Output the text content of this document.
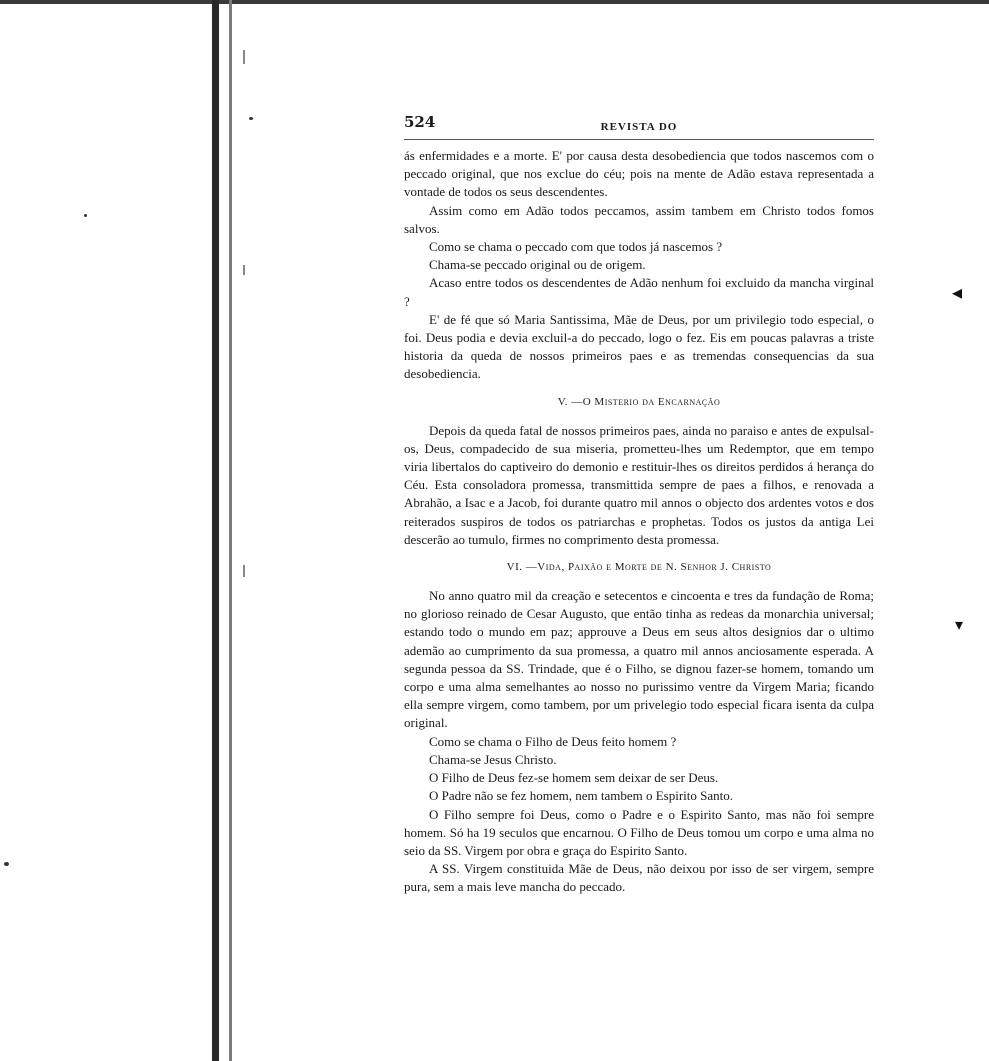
◂
▾
524	REVISTA DO

ás enfermidades e a morte. E' por causa desta desobediencia que todos nascemos com o peccado original, que nos exclue do céu; pois na mente de Adão estava representada a vontade de todos os seus descendentes.

Assim como em Adão todos peccamos, assim tambem em Christo todos fomos salvos.

Como se chama o peccado com que todos já nascemos ?

Chama-se peccado original ou de origem.

Acaso entre todos os descendentes de Adão nenhum foi excluido da mancha virginal ?

E' de fé que só Maria Santissima, Mãe de Deus, por um privilegio todo especial, o foi. Deus podia e devia excluil-a do peccado, logo o fez. Eis em poucas palavras a triste historia da queda de nossos primeiros paes e as tremendas consequencias da sua desobediencia.

V. —O Misterio da Encarnação

Depois da queda fatal de nossos primeiros paes, ainda no paraiso e antes de expulsal-os, Deus, compadecido de sua miseria, prometteu-lhes um Redemptor, que em tempo viria libertalos do captiveiro do demonio e restituir-lhes os direitos perdidos á herança do Céu. Esta consoladora promessa, transmittida sempre de paes a filhos, e renovada a Abrahão, a Isac e a Jacob, foi durante quatro mil annos o objecto dos ardentes votos e dos reiterados suspiros de todos os patriarchas e prophetas. Todos os justos da antiga Lei descerão ao tumulo, firmes no comprimento desta promessa.

VI. —Vida, Paixão e Morte de N. Senhor J. Christo

No anno quatro mil da creação e setecentos e cincoenta e tres da fundação de Roma; no glorioso reinado de Cesar Augusto, que então tinha as redeas da monarchia universal; estando todo o mundo em paz; approuve a Deus em seus altos designios dar o ultimo ademão ao cumprimento da sua promessa, a quatro mil annos anciosamente esperada. A segunda pessoa da SS. Trindade, que é o Filho, se dignou fazer-se homem, tomando um corpo e uma alma semelhantes ao nosso no purissimo ventre da Virgem Maria; ficando ella sempre virgem, como tambem, por um privelegio todo especial ficara isenta da culpa original.

Como se chama o Filho de Deus feito homem ?

Chama-se Jesus Christo.

O Filho de Deus fez-se homem sem deixar de ser Deus.

O Padre não se fez homem, nem tambem o Espirito Santo.

O Filho sempre foi Deus, como o Padre e o Espirito Santo, mas não foi sempre homem. Só ha 19 seculos que encarnou. O Filho de Deus tomou um corpo e uma alma no seio da SS. Virgem por obra e graça do Espirito Santo.

A SS. Virgem constituida Mãe de Deus, não deixou por isso de ser virgem, sempre pura, sem a mais leve mancha do peccado.
